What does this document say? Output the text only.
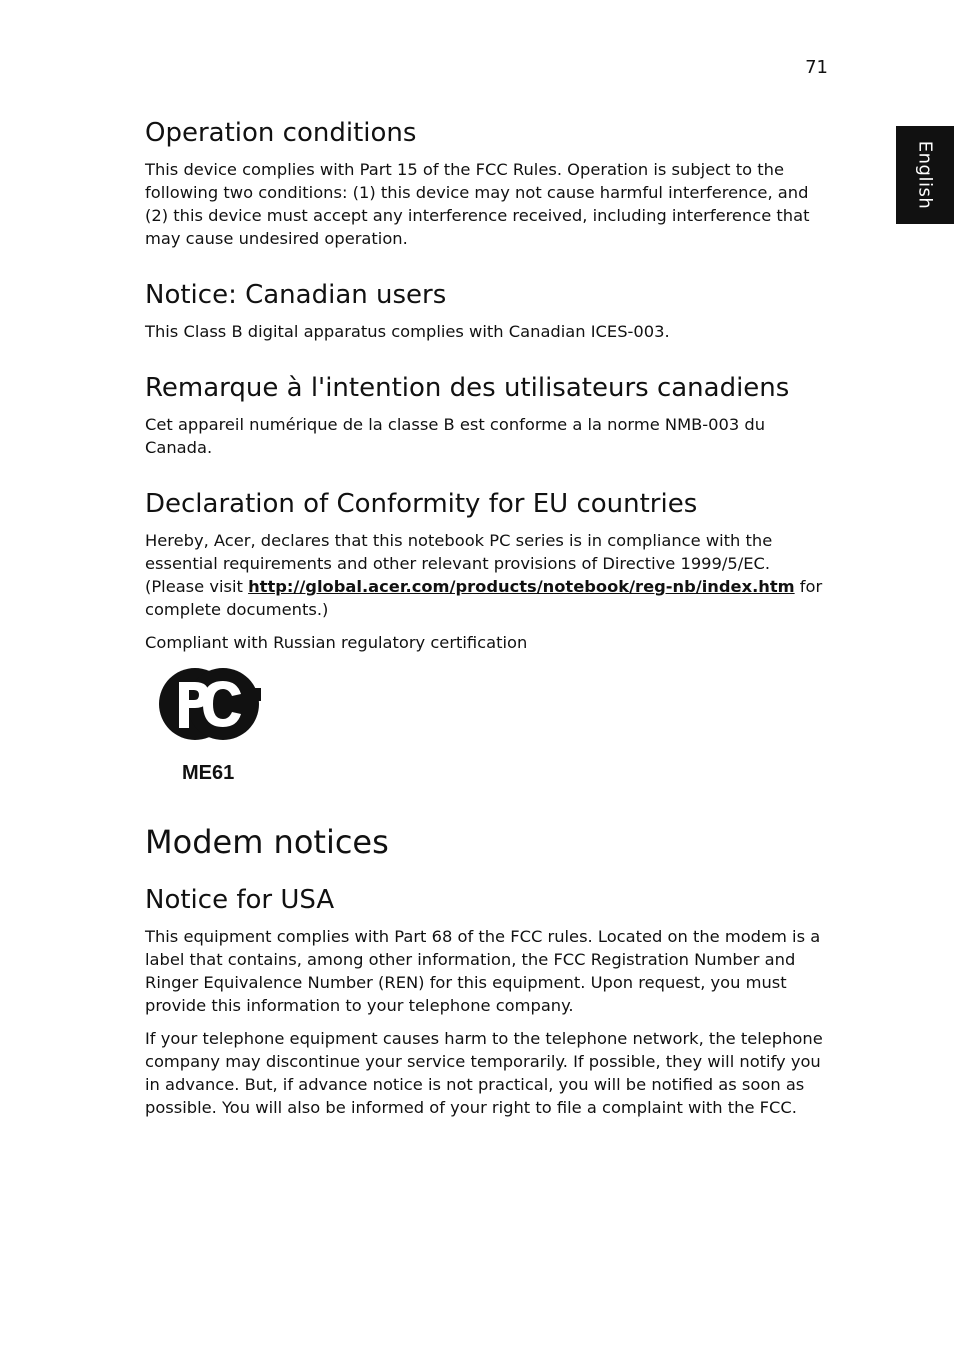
71
English
Operation conditions

This device complies with Part 15 of the FCC Rules. Operation is subject to the following two conditions: (1) this device may not cause harmful interference, and (2) this device must accept any interference received, including interference that may cause undesired operation.

Notice: Canadian users

This Class B digital apparatus complies with Canadian ICES-003.

Remarque à l'intention des utilisateurs canadiens

Cet appareil numérique de la classe B est conforme a la norme NMB-003 du Canada.

Declaration of Conformity for EU countries

Hereby, Acer, declares that this notebook PC series is in compliance with the essential requirements and other relevant provisions of Directive 1999/5/EC. (Please visit http://global.acer.com/products/notebook/reg-nb/index.htm for complete documents.)

Compliant with Russian regulatory certification

ME61
Modem notices
Notice for USA

This equipment complies with Part 68 of the FCC rules. Located on the modem is a label that contains, among other information, the FCC Registration Number and Ringer Equivalence Number (REN) for this equipment. Upon request, you must provide this information to your telephone company.

If your telephone equipment causes harm to the telephone network, the telephone company may discontinue your service temporarily. If possible, they will notify you in advance. But, if advance notice is not practical, you will be notified as soon as possible. You will also be informed of your right to file a complaint with the FCC.
